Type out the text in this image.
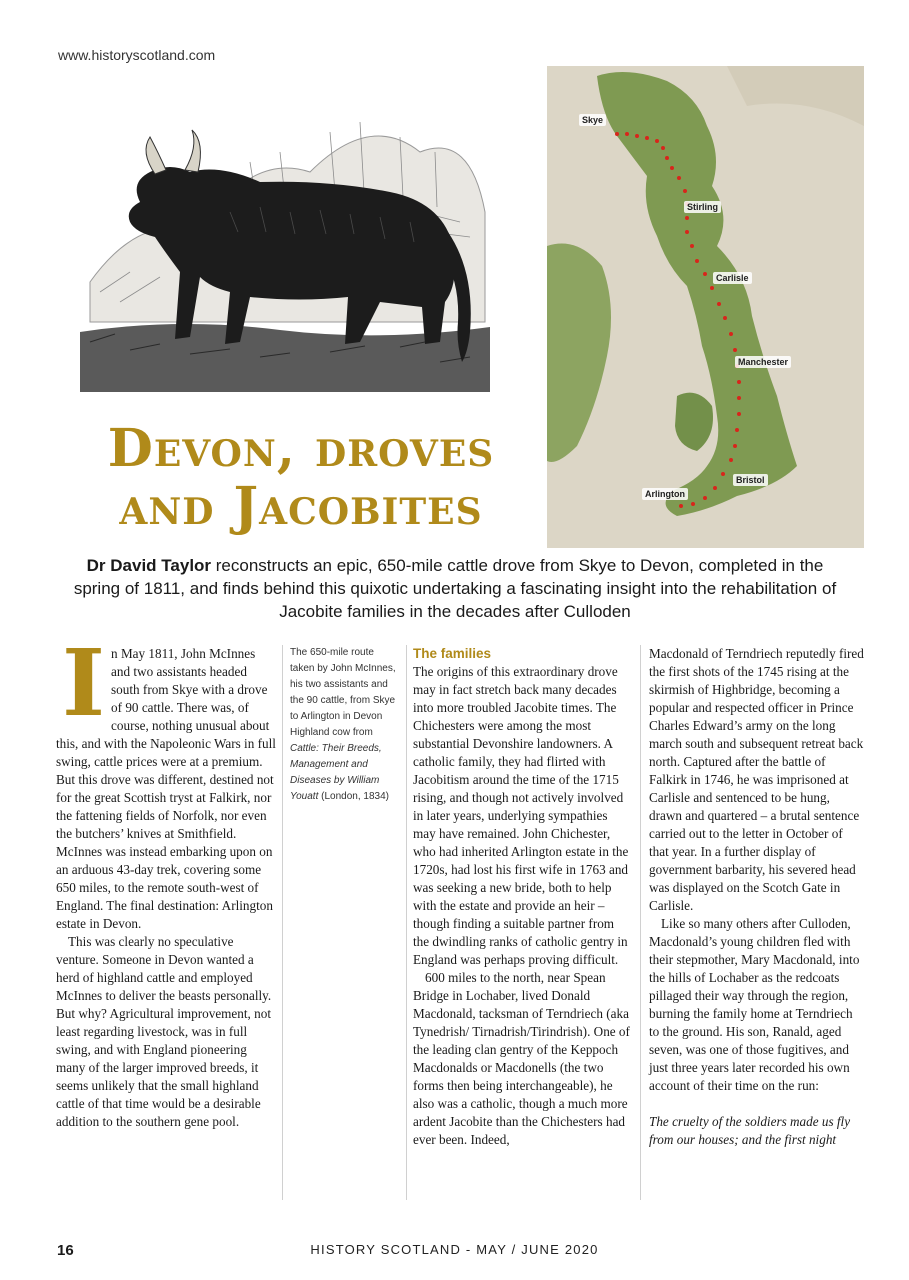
www.historyscotland.com
Skye
Stirling
Carlisle
Manchester
Bristol
Arlington
Devon, droves
and Jacobites
Dr David Taylor reconstructs an epic, 650-mile cattle drove from Skye to Devon, completed in the spring of 1811, and finds behind this quixotic undertaking a fascinating insight into the rehabilitation of Jacobite families in the decades after Culloden
I n May 1811, John McInnes and two assistants headed south from Skye with a drove of 90 cattle. There was, of course, nothing unusual about this, and with the Napoleonic Wars in full swing, cattle prices were at a premium. But this drove was different, destined not for the great Scottish tryst at Falkirk, nor the fattening fields of Norfolk, nor even the butchers’ knives at Smithfield. McInnes was instead embarking upon on an arduous 43-day trek, covering some 650 miles, to the remote south-west of England. The final destination: Arlington estate in Devon.

This was clearly no speculative venture. Someone in Devon wanted a herd of highland cattle and employed McInnes to deliver the beasts personally. But why? Agricultural improvement, not least regarding livestock, was in full swing, and with England pioneering many of the larger improved breeds, it seems unlikely that the small highland cattle of that time would be a desirable addition to the southern gene pool.

The 650-mile route taken by John McInnes, his two assistants and the 90 cattle, from Skye to Arlington in Devon

Highland cow from Cattle: Their Breeds, Management and Diseases by William Youatt (London, 1834)

The families

The origins of this extraordinary drove may in fact stretch back many decades into more troubled Jacobite times. The Chichesters were among the most substantial Devonshire landowners. A catholic family, they had flirted with Jacobitism around the time of the 1715 rising, and though not actively involved in later years, underlying sympathies may have remained. John Chichester, who had inherited Arlington estate in the 1720s, had lost his first wife in 1763 and was seeking a new bride, both to help with the estate and provide an heir – though finding a suitable partner from the dwindling ranks of catholic gentry in England was perhaps proving difficult.

600 miles to the north, near Spean Bridge in Lochaber, lived Donald Macdonald, tacksman of Terndriech (aka Tynedrish/ Tirnadrish/Tirindrish). One of the leading clan gentry of the Keppoch Macdonalds or Macdonells (the two forms then being interchangeable), he also was a catholic, though a much more ardent Jacobite than the Chichesters had ever been. Indeed,

Macdonald of Terndriech reputedly fired the first shots of the 1745 rising at the skirmish of Highbridge, becoming a popular and respected officer in Prince Charles Edward’s army on the long march south and subsequent retreat back north. Captured after the battle of Falkirk in 1746, he was imprisoned at Carlisle and sentenced to be hung, drawn and quartered – a brutal sentence carried out to the letter in October of that year. In a further display of government barbarity, his severed head was displayed on the Scotch Gate in Carlisle.

Like so many others after Culloden, Macdonald’s young children fled with their stepmother, Mary Macdonald, into the hills of Lochaber as the redcoats pillaged their way through the region, burning the family home at Terndriech to the ground. His son, Ranald, aged seven, was one of those fugitives, and just three years later recorded his own account of their time on the run:

The cruelty of the soldiers made us fly from our houses; and the first night

16	HISTORY SCOTLAND - MAY / JUNE 2020
